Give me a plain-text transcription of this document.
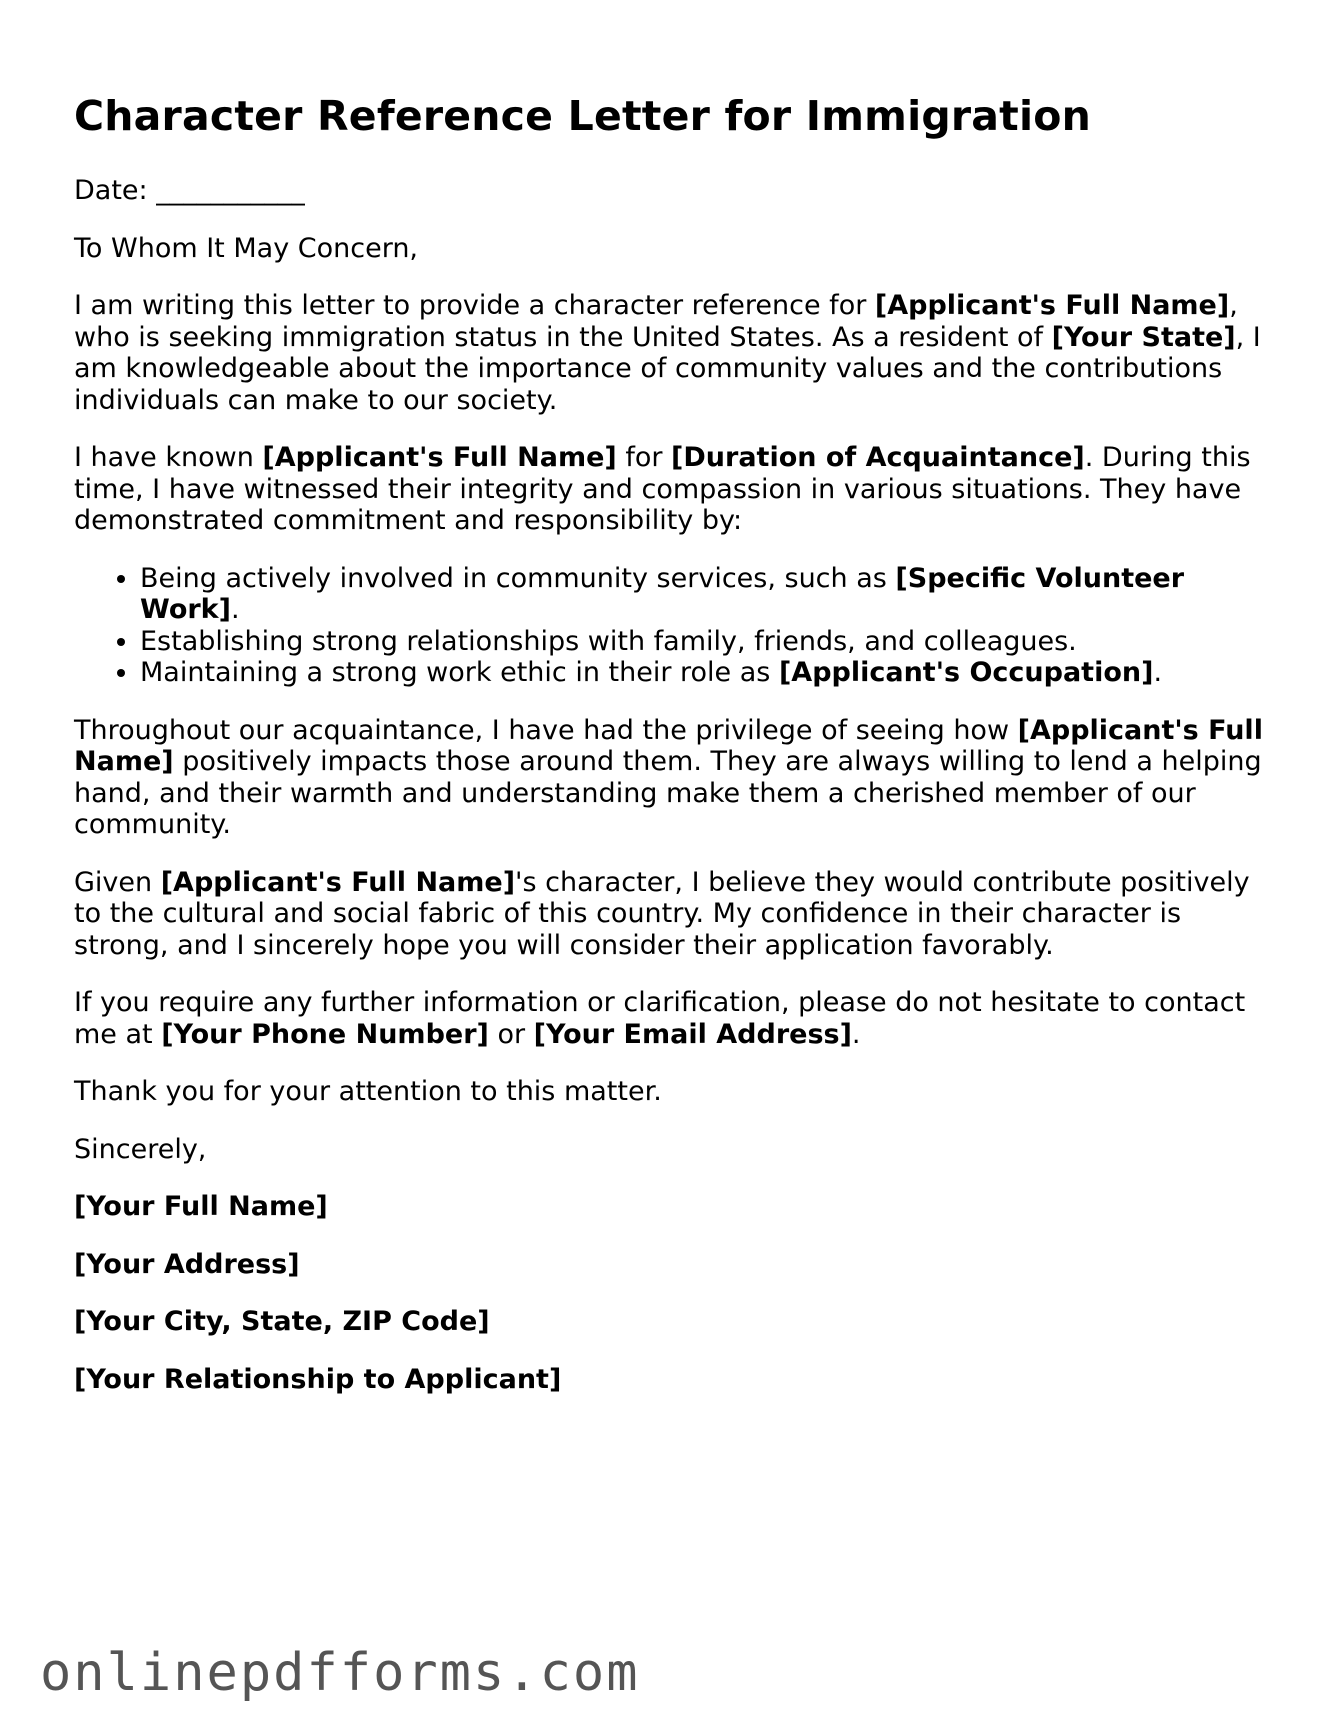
Character Reference Letter for Immigration

Date: ___________

To Whom It May Concern,

I am writing this letter to provide a character reference for [Applicant's Full Name], who is seeking immigration status in the United States. As a resident of [Your State], I am knowledgeable about the importance of community values and the contributions individuals can make to our society.

I have known [Applicant's Full Name] for [Duration of Acquaintance]. During this time, I have witnessed their integrity and compassion in various situations. They have demonstrated commitment and responsibility by:

• Being actively involved in community services, such as [Specific Volunteer Work].
• Establishing strong relationships with family, friends, and colleagues.
• Maintaining a strong work ethic in their role as [Applicant's Occupation].

Throughout our acquaintance, I have had the privilege of seeing how [Applicant's Full Name] positively impacts those around them. They are always willing to lend a helping hand, and their warmth and understanding make them a cherished member of our community.

Given [Applicant's Full Name]'s character, I believe they would contribute positively to the cultural and social fabric of this country. My confidence in their character is strong, and I sincerely hope you will consider their application favorably.

If you require any further information or clarification, please do not hesitate to contact me at [Your Phone Number] or [Your Email Address].

Thank you for your attention to this matter.

Sincerely,

[Your Full Name]

[Your Address]

[Your City, State, ZIP Code]

[Your Relationship to Applicant]

onlinepdfforms.com
